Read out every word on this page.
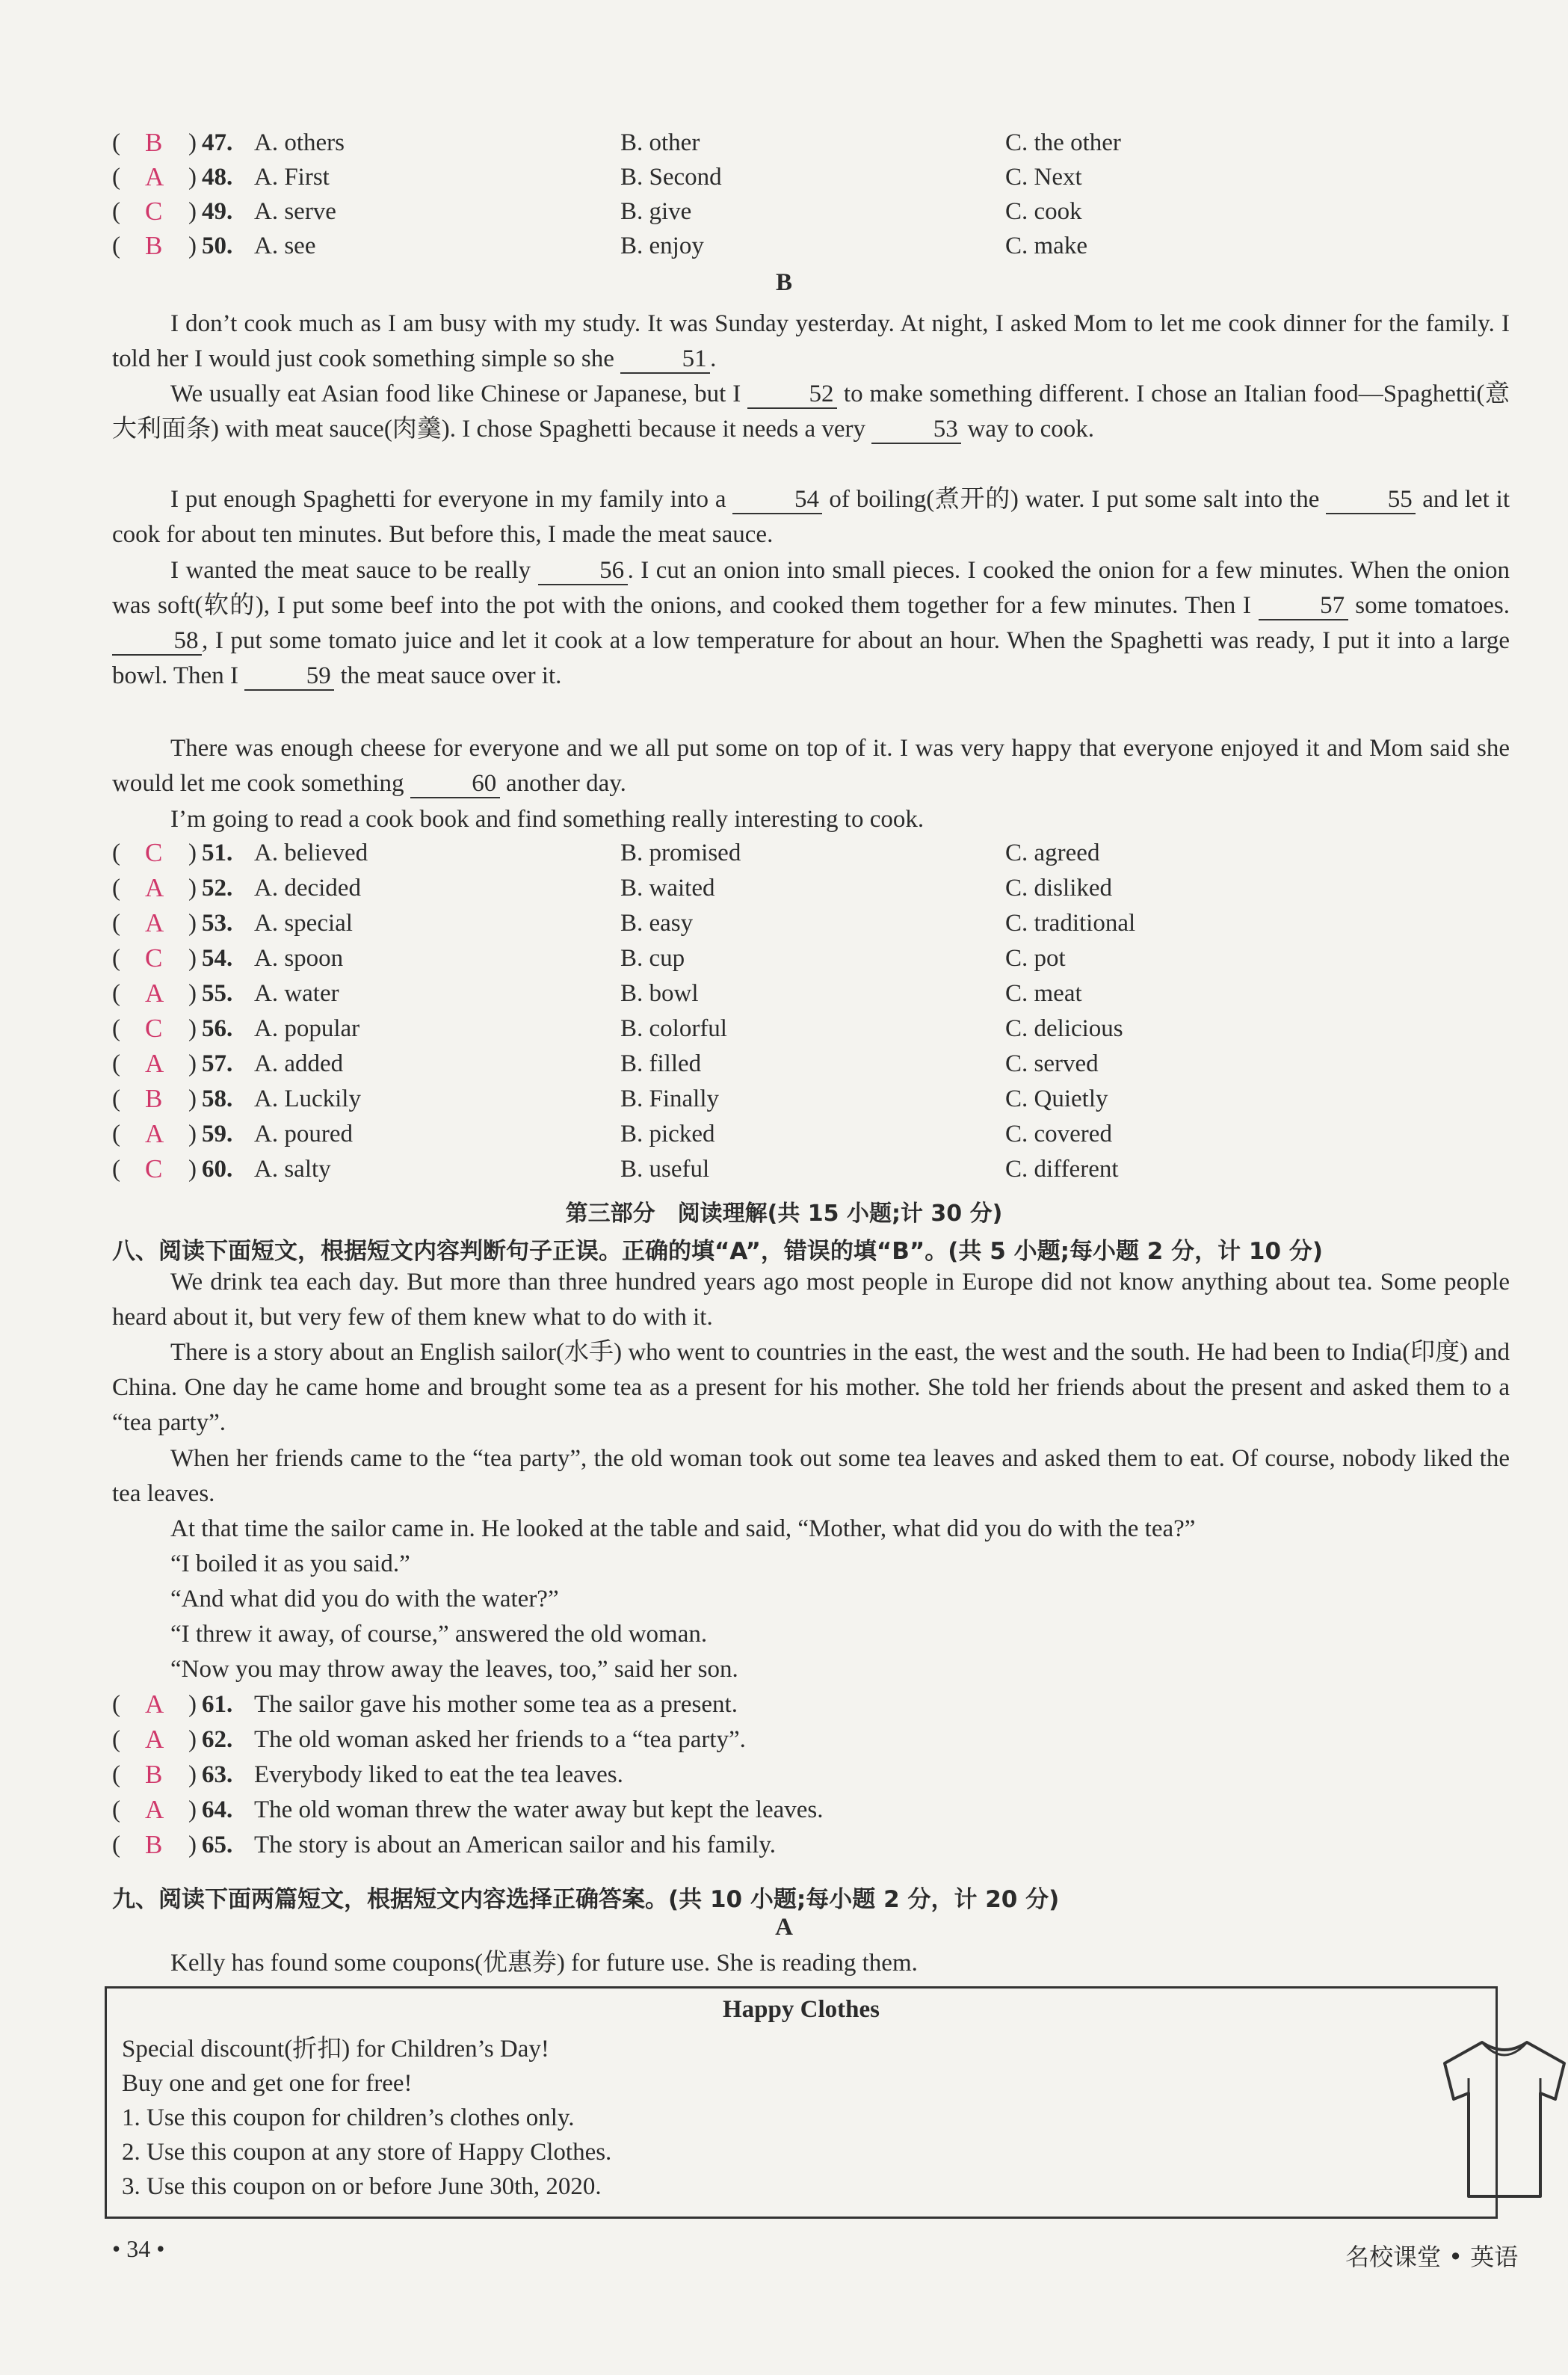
( B ) 47. A. others	B. other	C. the other
( A ) 48. A. First	B. Second	C. Next
( C ) 49. A. serve	B. give	C. cook
( B ) 50. A. see	B. enjoy	C. make
B
I don’t cook much as I am busy with my study. It was Sunday yesterday. At night, I asked Mom to let me cook dinner for the family. I told her I would just cook something simple so she	51 .
We usually eat Asian food like Chinese or Japanese, but I	52 to make something different. I chose an Italian food—Spaghetti(意大利面条) with meat sauce(肉羹). I chose Spaghetti because it needs a very	53 way to cook.
I put enough Spaghetti for everyone in my family into a	54 of boiling(煮开的) water. I put some salt into the	55 and let it cook for about ten minutes. But before this, I made the meat sauce.
I wanted the meat sauce to be really	56 . I cut an onion into small pieces. I cooked the onion for a few minutes. When the onion was soft(软的), I put some beef into the pot with the onions, and cooked them together for a few minutes. Then I	57 some tomatoes. 58 , I put some tomato juice and let it cook at a low temperature for about an hour. When the Spaghetti was ready, I put it into a large bowl. Then I	59 the meat sauce over it.
There was enough cheese for everyone and we all put some on top of it. I was very happy that everyone enjoyed it and Mom said she would let me cook something	60 another day.
I’m going to read a cook book and find something really interesting to cook.
( C ) 51. A. believed	B. promised	C. agreed
( A ) 52. A. decided	B. waited	C. disliked
( A ) 53. A. special	B. easy	C. traditional
( C ) 54. A. spoon	B. cup	C. pot
( A ) 55. A. water	B. bowl	C. meat
( C ) 56. A. popular	B. colorful	C. delicious
( A ) 57. A. added	B. filled	C. served
( B ) 58. A. Luckily	B. Finally	C. Quietly
( A ) 59. A. poured	B. picked	C. covered
( C ) 60. A. salty	B. useful	C. different
第三部分　阅读理解(共 15 小题;计 30 分)
八、阅读下面短文，根据短文内容判断句子正误。正确的填“A”，错误的填“B”。(共 5 小题;每小题 2 分，计 10 分)
We drink tea each day. But more than three hundred years ago most people in Europe did not know anything about tea. Some people heard about it, but very few of them knew what to do with it.
There is a story about an English sailor(水手) who went to countries in the east, the west and the south. He had been to India(印度) and China. One day he came home and brought some tea as a present for his mother. She told her friends about the present and asked them to a “tea party”.
When her friends came to the “tea party”, the old woman took out some tea leaves and asked them to eat. Of course, nobody liked the tea leaves.
At that time the sailor came in. He looked at the table and said, “Mother, what did you do with the tea?”
“I boiled it as you said.”
“And what did you do with the water?”
“I threw it away, of course,” answered the old woman.
“Now you may throw away the leaves, too,” said her son.
( A ) 61. The sailor gave his mother some tea as a present.
( A ) 62. The old woman asked her friends to a “tea party”.
( B ) 63. Everybody liked to eat the tea leaves.
( A ) 64. The old woman threw the water away but kept the leaves.
( B ) 65. The story is about an American sailor and his family.
九、阅读下面两篇短文，根据短文内容选择正确答案。(共 10 小题;每小题 2 分，计 20 分)
A
Kelly has found some coupons(优惠券) for future use. She is reading them.
Happy Clothes
Special discount(折扣) for Children’s Day!
Buy one and get one for free!
1. Use this coupon for children’s clothes only.
2. Use this coupon at any store of Happy Clothes.
3. Use this coupon on or before June 30th, 2020.
• 34 •	名校课堂 • 英语
